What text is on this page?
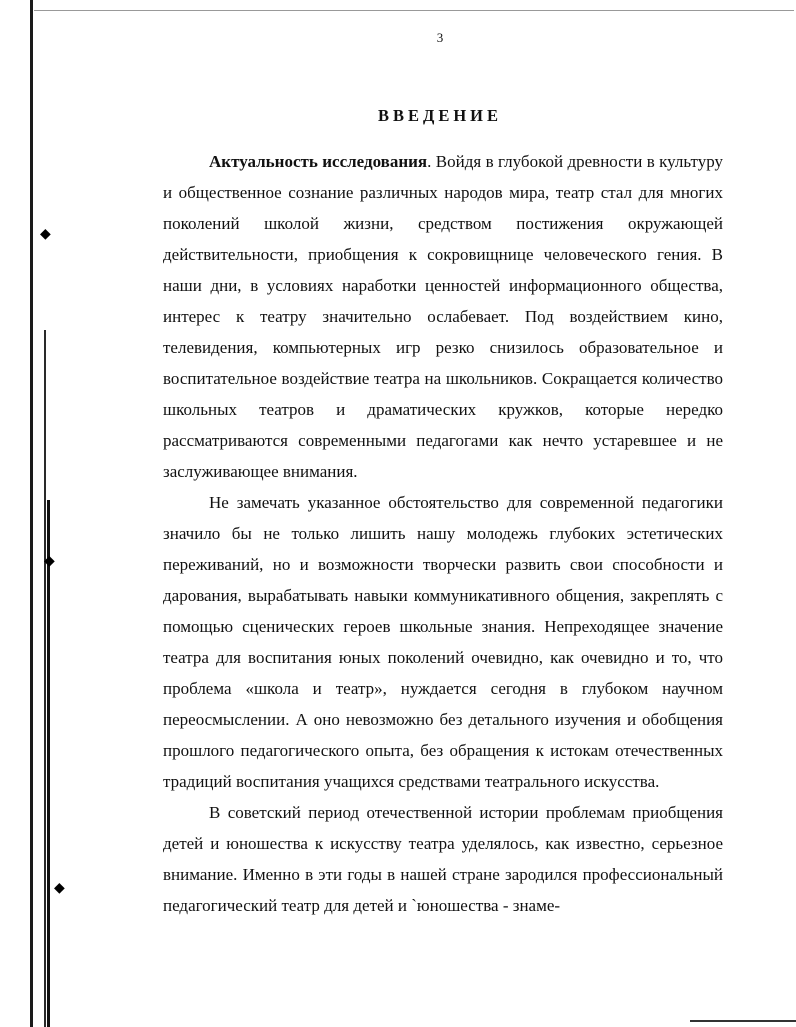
◆
◆
◆
3
ВВЕДЕНИЕ

Актуальность исследования. Войдя в глубокой древности в культуру и общественное сознание различных народов мира, театр стал для многих поколений школой жизни, средством постижения окружающей действительности, приобщения к сокровищнице человеческого гения. В наши дни, в условиях наработки ценностей информационного общества, интерес к театру значительно ослабевает. Под воздействием кино, телевидения, компьютерных игр резко снизилось образовательное и воспитательное воздействие театра на школьников. Сокращается количество школьных театров и драматических кружков, которые нередко рассматриваются современными педагогами как нечто устаревшее и не заслуживающее внимания.

Не замечать указанное обстоятельство для современной педагогики значило бы не только лишить нашу молодежь глубоких эстетических переживаний, но и возможности творчески развить свои способности и дарования, вырабатывать навыки коммуникативного общения, закреплять с помощью сценических героев школьные знания. Непреходящее значение театра для воспитания юных поколений очевидно, как очевидно и то, что проблема «школа и театр», нуждается сегодня в глубоком научном переосмыслении. А оно невозможно без детального изучения и обобщения прошлого педагогического опыта, без обращения к истокам отечественных традиций воспитания учащихся средствами театрального искусства.

В советский период отечественной истории проблемам приобщения детей и юношества к искусству театра уделялось, как известно, серьезное внимание. Именно в эти годы в нашей стране зародился профессиональный педагогический театр для детей и `юношества - знаме-
